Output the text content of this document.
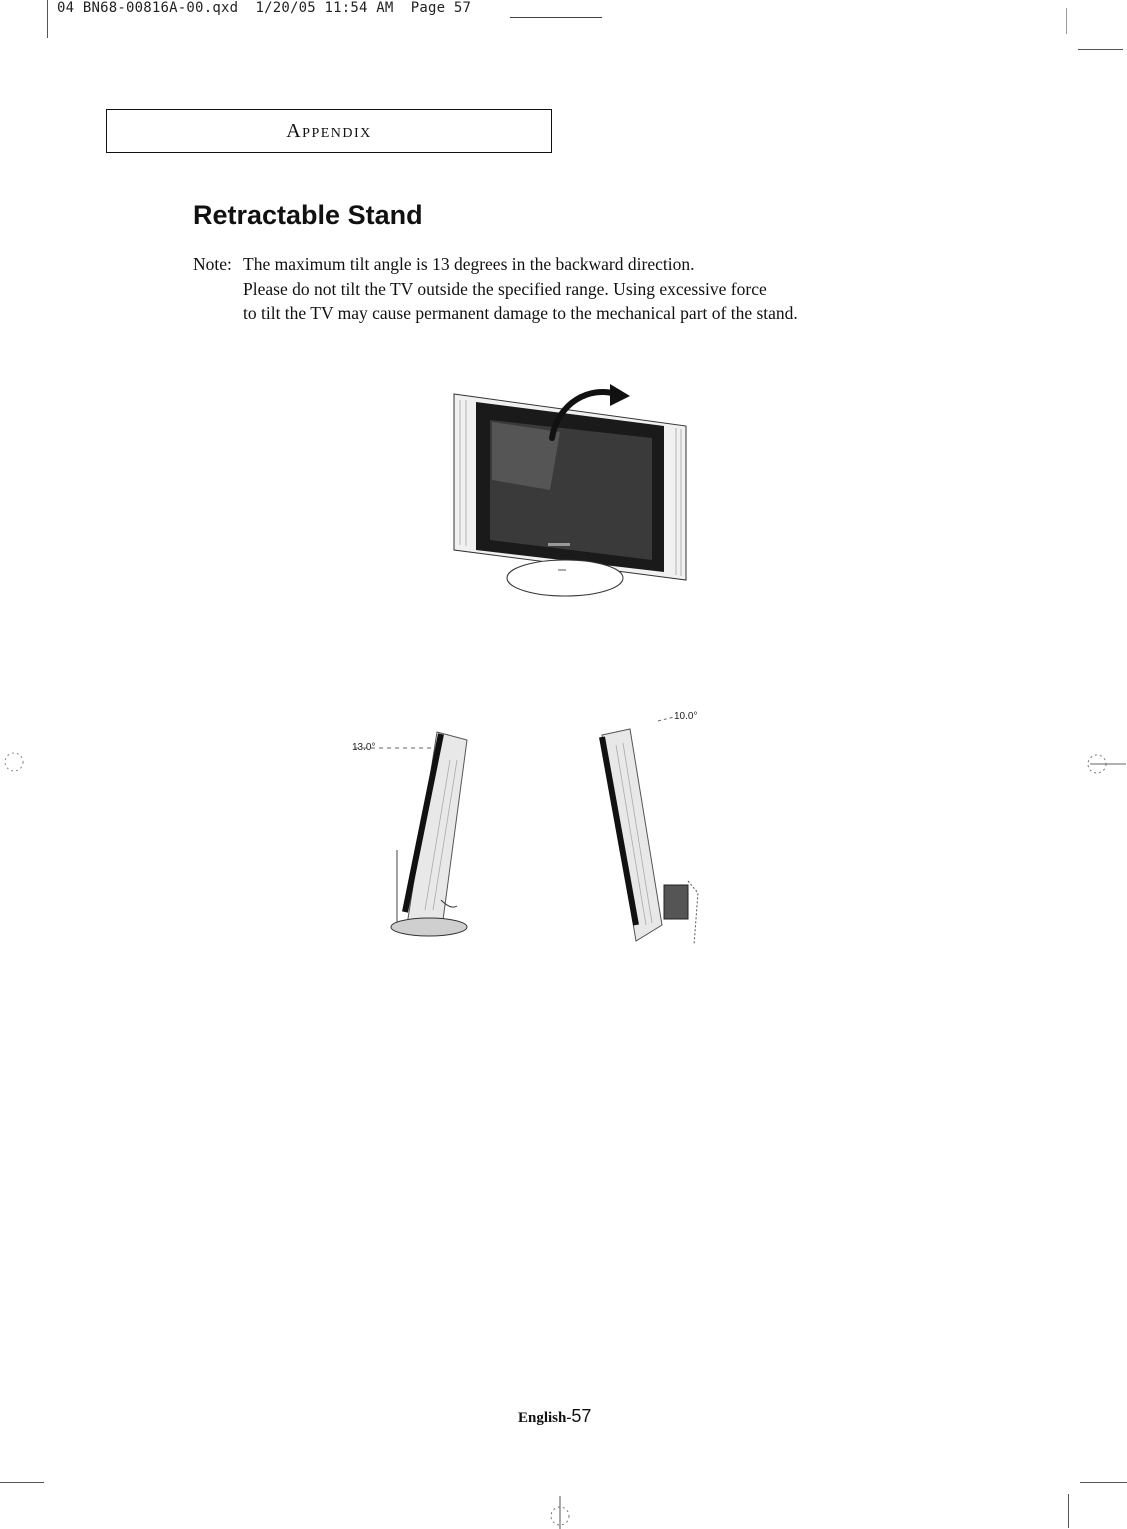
04 BN68-00816A-00.qxd  1/20/05 11:54 AM  Page 57
Appendix
Retractable Stand
Note: The maximum tilt angle is 13 degrees in the backward direction.
Please do not tilt the TV outside the specified range. Using excessive force
to tilt the TV may cause permanent damage to the mechanical part of the stand.
13.0°
10.0°
English-57
